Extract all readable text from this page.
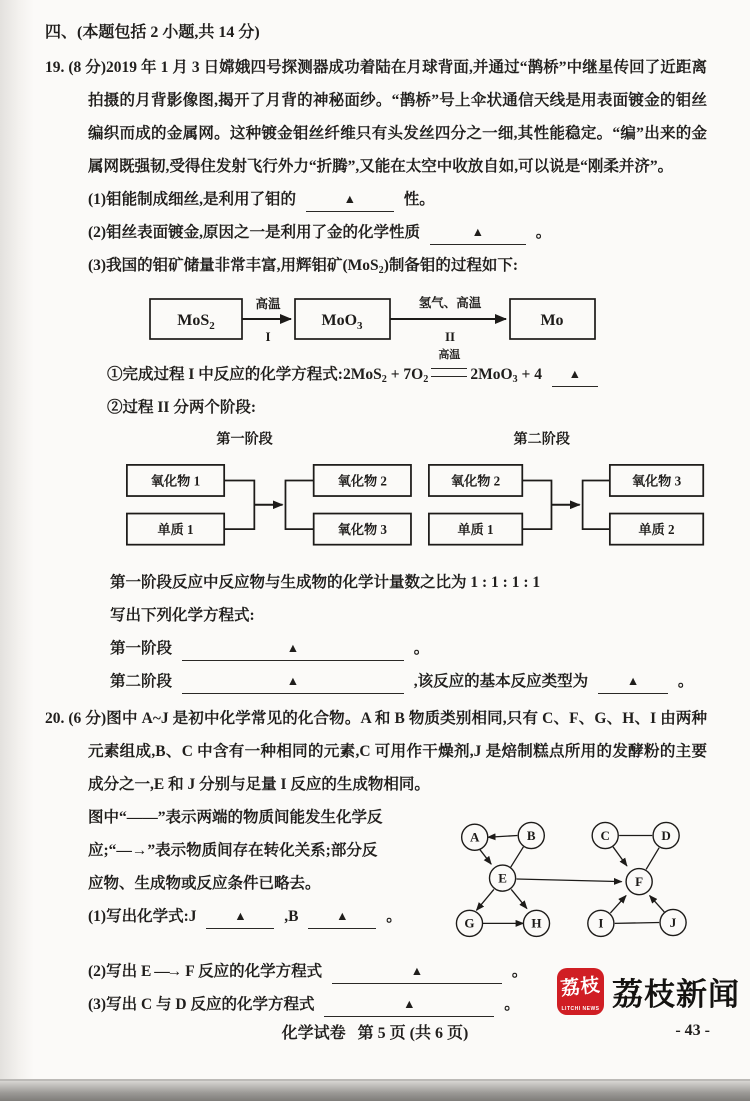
四、(本题包括 2 小题,共 14 分)
19. (8 分)2019 年 1 月 3 日嫦娥四号探测器成功着陆在月球背面,并通过“鹊桥”中继星传回了近距离拍摄的月背影像图,揭开了月背的神秘面纱。“鹊桥”号上伞状通信天线是用表面镀金的钼丝编织而成的金属网。这种镀金钼丝纤维只有头发丝四分之一细,其性能稳定。“编”出来的金属网既强韧,受得住发射飞行外力“折腾”,又能在太空中收放自如,可以说是“刚柔并济”。
(1)钼能制成细丝,是利用了钼的	▲	性。
(2)钼丝表面镀金,原因之一是利用了金的化学性质	▲	。
(3)我国的钼矿储量非常丰富,用辉钼矿(MoS$_2$)制备钼的过程如下:
MoS$_2$
高温
I
MoO$_3$
氢气、高温
II
Mo
①完成过程 I 中反应的化学方程式:2MoS$_2$ + $7O_2$
高温
2MoO$_3$ + 4 ▲
②过程 II 分两个阶段:
第一阶段
氧化物 1
单质 1
氧化物 2
氧化物 3
第二阶段
氧化物 2
单质 1
氧化物 3
单质 2
第一阶段反应中反应物与生成物的化学计量数之比为 1 : 1 : 1 : 1
写出下列化学方程式:
第一阶段	▲	。
第二阶段	▲	,该反应的基本反应类型为	▲ 。
20. (6 分)图中 A~J 是初中化学常见的化合物。A 和 B 物质类别相同,只有 C、F、G、H、I 由两种元素组成,B、C 中含有一种相同的元素,C 可用作干燥剂,J 是焙制糕点所用的发酵粉的主要成分之一,E 和 J 分别与足量 I 反应的生成物相同。
图中“——”表示两端的物质间能发生化学反
应;“—→”表示物质间存在转化关系;部分反
应物、生成物或反应条件已略去。
(1)写出化学式:J	▲ ,B	▲ 。
A	B	C	D
E	F
G	H	I	J
(2)写出 E —→ F 反应的化学方程式	▲	。
(3)写出 C 与 D 反应的化学方程式	▲	。
荔枝
LITCHI NEWS 荔枝新闻
化学试卷   第 5 页 (共 6 页)	- 43 -
